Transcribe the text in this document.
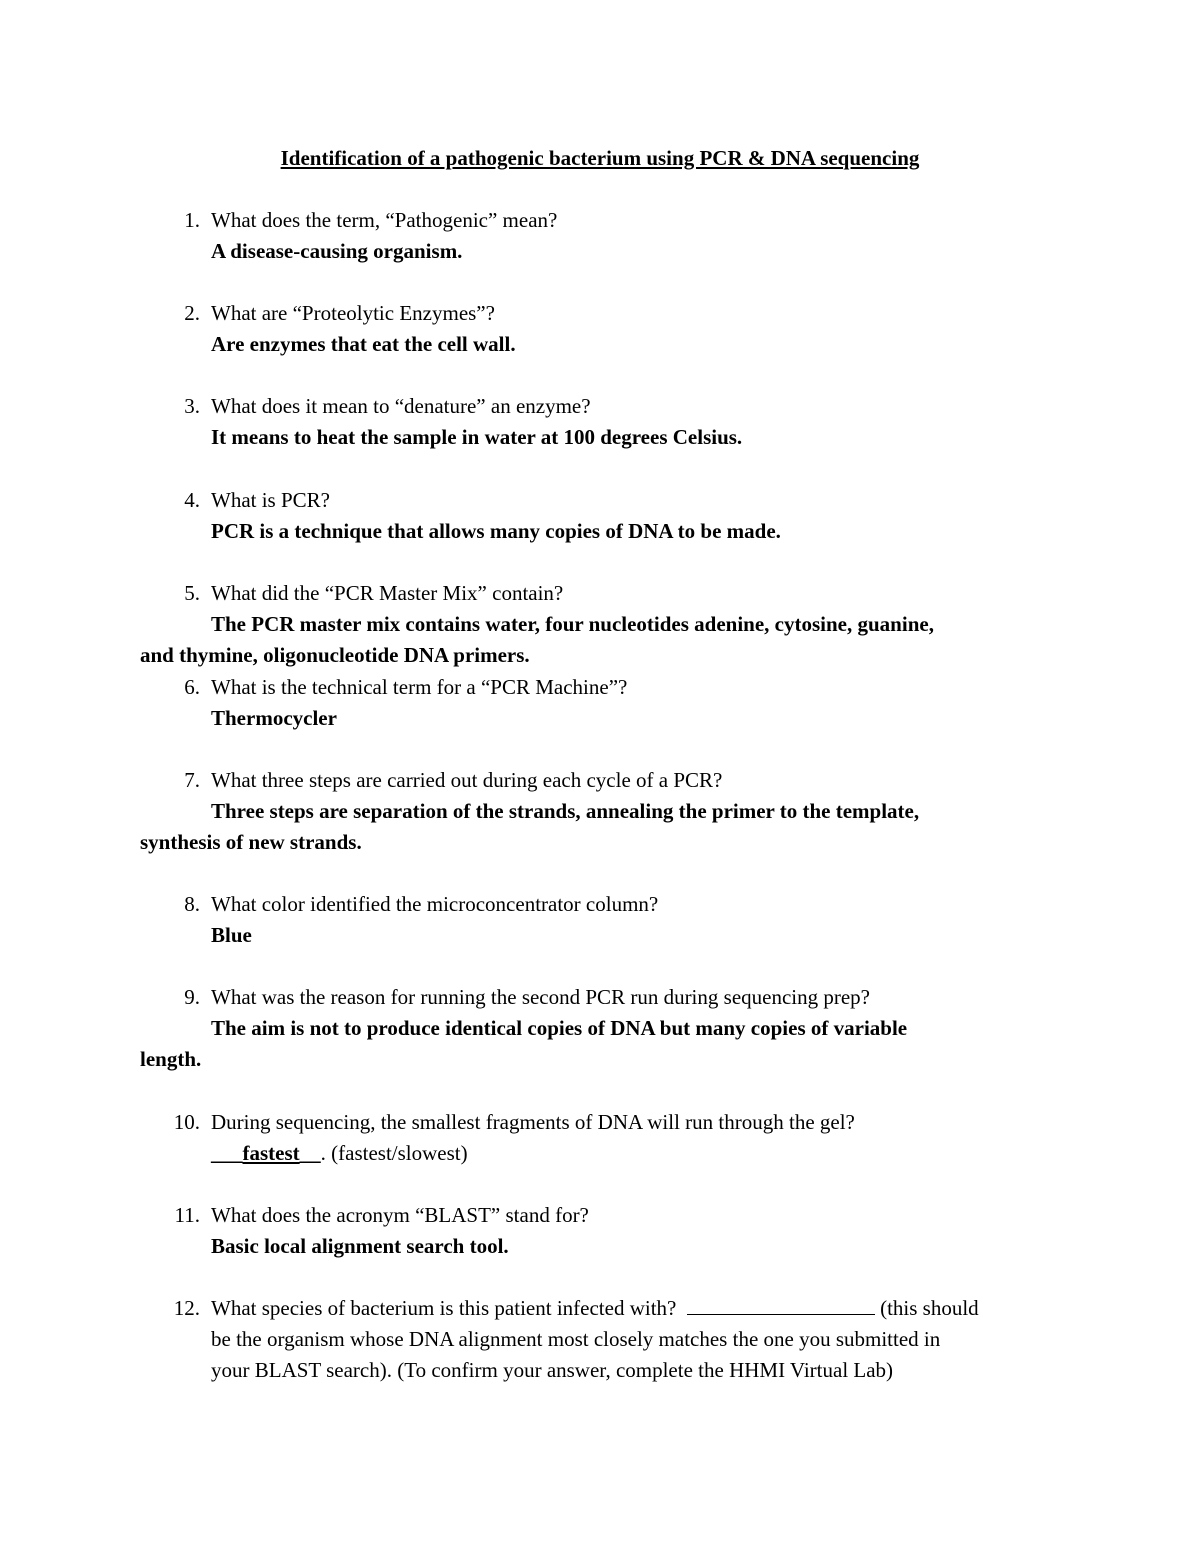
Identification of a pathogenic bacterium using PCR & DNA sequencing
1. What does the term, “Pathogenic” mean?
A disease-causing organism.
2. What are “Proteolytic Enzymes”?
Are enzymes that eat the cell wall.
3. What does it mean to “denature” an enzyme?
It means to heat the sample in water at 100 degrees Celsius.
4. What is PCR?
PCR is a technique that allows many copies of DNA to be made.
5. What did the “PCR Master Mix” contain?
The PCR master mix contains water, four nucleotides adenine, cytosine, guanine,
and thymine, oligonucleotide DNA primers.
6. What is the technical term for a “PCR Machine”?
Thermocycler
7. What three steps are carried out during each cycle of a PCR?
Three steps are separation of the strands, annealing the primer to the template,
synthesis of new strands.
8. What color identified the microconcentrator column?
Blue
9. What was the reason for running the second PCR run during sequencing prep?
The aim is not to produce identical copies of DNA but many copies of variable
length.
10. During sequencing, the smallest fragments of DNA will run through the gel?
___fastest__. (fastest/slowest)
11. What does the acronym “BLAST” stand for?
Basic local alignment search tool.
12. What species of bacterium is this patient infected with?	(this should
be the organism whose DNA alignment most closely matches the one you submitted in
your BLAST search). (To confirm your answer, complete the HHMI Virtual Lab)
